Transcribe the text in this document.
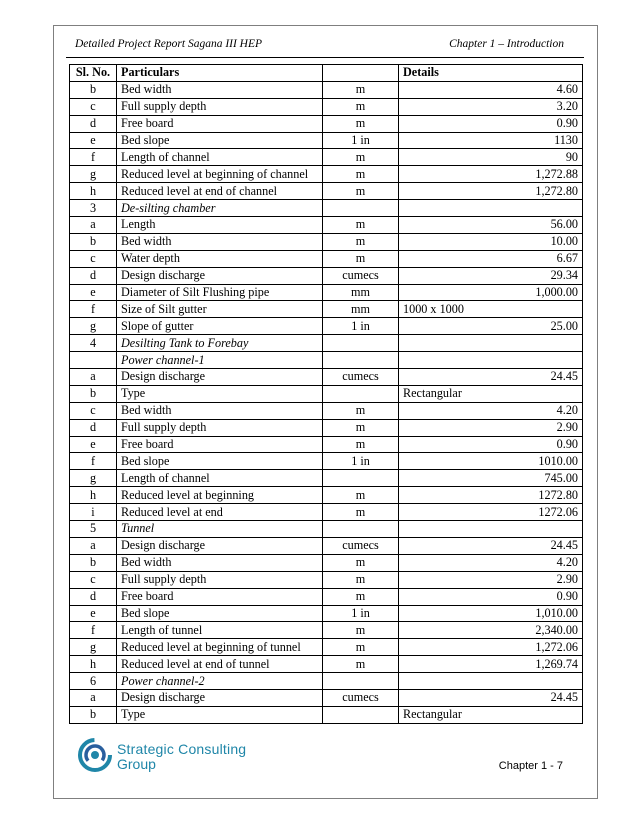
Detailed Project Report Sagana III HEP	Chapter 1 – Introduction
Sl. No.	Particulars		Details
b	Bed width	m	4.60
c	Full supply depth	m	3.20
d	Free board	m	0.90
e	Bed slope	1 in	1130
f	Length of channel	m	90
g	Reduced level at beginning of channel	m	1,272.88
h	Reduced level at end of channel	m	1,272.80
3	De-silting chamber		
a	Length	m	56.00
b	Bed width	m	10.00
c	Water depth	m	6.67
d	Design discharge	cumecs	29.34
e	Diameter of Silt Flushing pipe	mm	1,000.00
f	Size of Silt gutter	mm	1000 x 1000
g	Slope of gutter	1 in	25.00
4	Desilting Tank to Forebay		
	Power channel-1		
a	Design discharge	cumecs	24.45
b	Type		Rectangular
c	Bed width	m	4.20
d	Full supply depth	m	2.90
e	Free board	m	0.90
f	Bed slope	1 in	1010.00
g	Length of channel		745.00
h	Reduced level at beginning	m	1272.80
i	Reduced level at end	m	1272.06
5	Tunnel		
a	Design discharge	cumecs	24.45
b	Bed width	m	4.20
c	Full supply depth	m	2.90
d	Free board	m	0.90
e	Bed slope	1 in	1,010.00
f	Length of tunnel	m	2,340.00
g	Reduced level at beginning of tunnel	m	1,272.06
h	Reduced level at end of tunnel	m	1,269.74
6	Power channel-2		
a	Design discharge	cumecs	24.45
b	Type		Rectangular
Strategic Consulting
Group	Chapter 1 - 7
